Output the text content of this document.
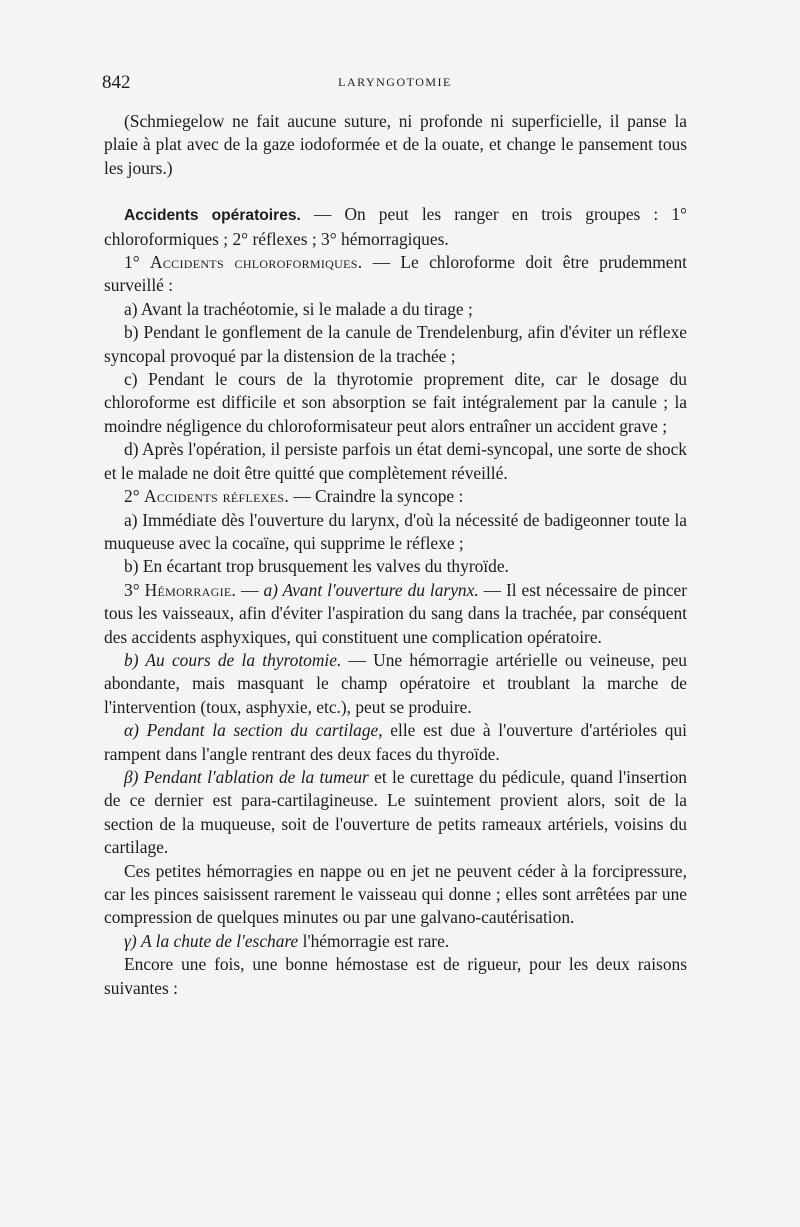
842	LARYNGOTOMIE

(Schmiegelow ne fait aucune suture, ni profonde ni superficielle, il panse la plaie à plat avec de la gaze iodoformée et de la ouate, et change le pansement tous les jours.)

Accidents opératoires. — On peut les ranger en trois groupes : 1° chloroformiques ; 2° réflexes ; 3° hémorragiques.

1° Accidents chloroformiques. — Le chloroforme doit être prudemment surveillé :

a) Avant la trachéotomie, si le malade a du tirage ;

b) Pendant le gonflement de la canule de Trendelenburg, afin d'éviter un réflexe syncopal provoqué par la distension de la trachée ;

c) Pendant le cours de la thyrotomie proprement dite, car le dosage du chloroforme est difficile et son absorption se fait intégralement par la canule ; la moindre négligence du chloroformisateur peut alors entraîner un accident grave ;

d) Après l'opération, il persiste parfois un état demi-syncopal, une sorte de shock et le malade ne doit être quitté que complètement réveillé.

2° Accidents réflexes. — Craindre la syncope :

a) Immédiate dès l'ouverture du larynx, d'où la nécessité de badigeonner toute la muqueuse avec la cocaïne, qui supprime le réflexe ;

b) En écartant trop brusquement les valves du thyroïde.

3° Hémorragie. — a) Avant l'ouverture du larynx. — Il est nécessaire de pincer tous les vaisseaux, afin d'éviter l'aspiration du sang dans la trachée, par conséquent des accidents asphyxiques, qui constituent une complication opératoire.

b) Au cours de la thyrotomie. — Une hémorragie artérielle ou veineuse, peu abondante, mais masquant le champ opératoire et troublant la marche de l'intervention (toux, asphyxie, etc.), peut se produire.

α) Pendant la section du cartilage, elle est due à l'ouverture d'artérioles qui rampent dans l'angle rentrant des deux faces du thyroïde.

β) Pendant l'ablation de la tumeur et le curettage du pédicule, quand l'insertion de ce dernier est para-cartilagineuse. Le suintement provient alors, soit de la section de la muqueuse, soit de l'ouverture de petits rameaux artériels, voisins du cartilage.

Ces petites hémorragies en nappe ou en jet ne peuvent céder à la forcipressure, car les pinces saisissent rarement le vaisseau qui donne ; elles sont arrêtées par une compression de quelques minutes ou par une galvano-cautérisation.

γ) A la chute de l'eschare l'hémorragie est rare.

Encore une fois, une bonne hémostase est de rigueur, pour les deux raisons suivantes :
